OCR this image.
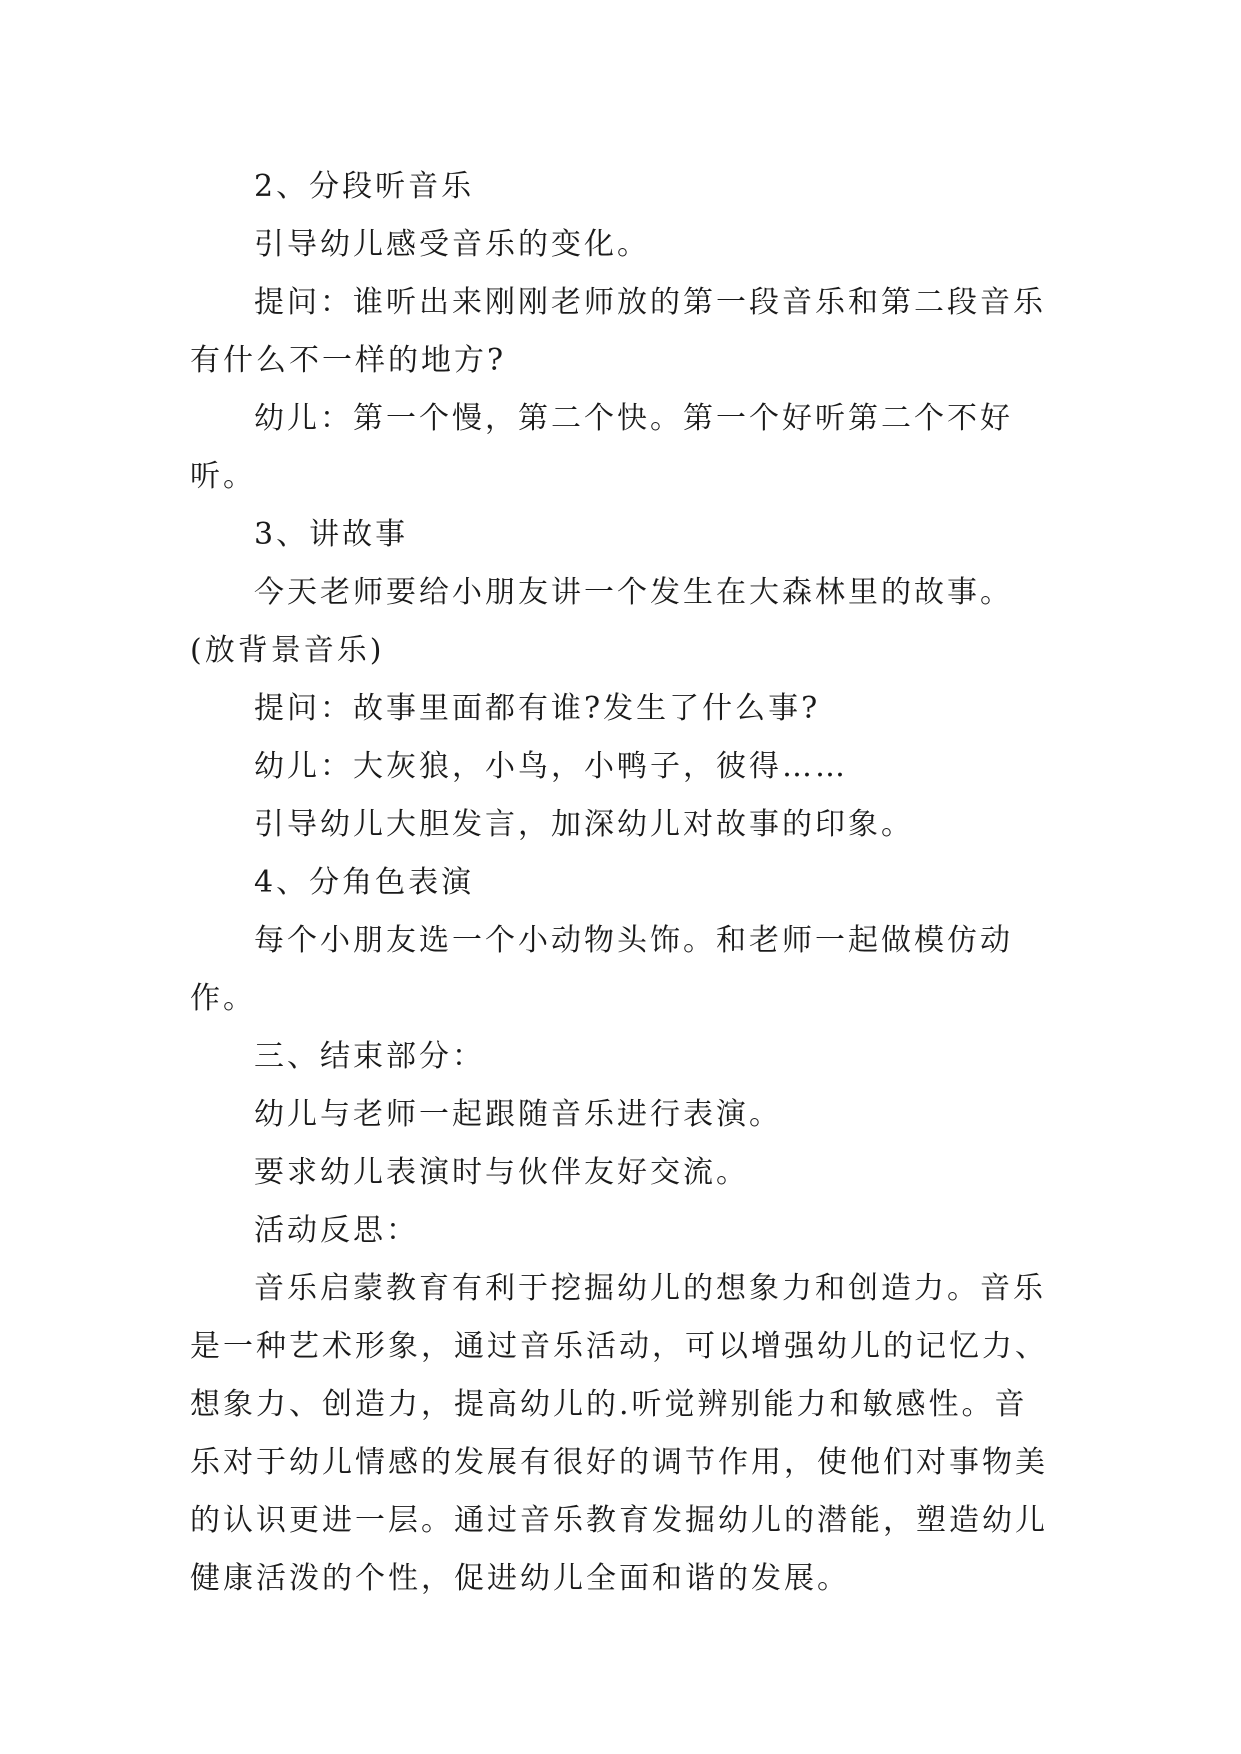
2、分段听音乐

引导幼儿感受音乐的变化。

提问：谁听出来刚刚老师放的第一段音乐和第二段音乐有什么不一样的地方?

幼儿：第一个慢，第二个快。第一个好听第二个不好听。

3、讲故事

今天老师要给小朋友讲一个发生在大森林里的故事。(放背景音乐)

提问：故事里面都有谁?发生了什么事?

幼儿：大灰狼，小鸟，小鸭子，彼得……

引导幼儿大胆发言，加深幼儿对故事的印象。

4、分角色表演

每个小朋友选一个小动物头饰。和老师一起做模仿动作。

三、结束部分：

幼儿与老师一起跟随音乐进行表演。

要求幼儿表演时与伙伴友好交流。

活动反思：

音乐启蒙教育有利于挖掘幼儿的想象力和创造力。音乐是一种艺术形象，通过音乐活动，可以增强幼儿的记忆力、想象力、创造力，提高幼儿的.听觉辨别能力和敏感性。音乐对于幼儿情感的发展有很好的调节作用，使他们对事物美的认识更进一层。通过音乐教育发掘幼儿的潜能，塑造幼儿健康活泼的个性，促进幼儿全面和谐的发展。
